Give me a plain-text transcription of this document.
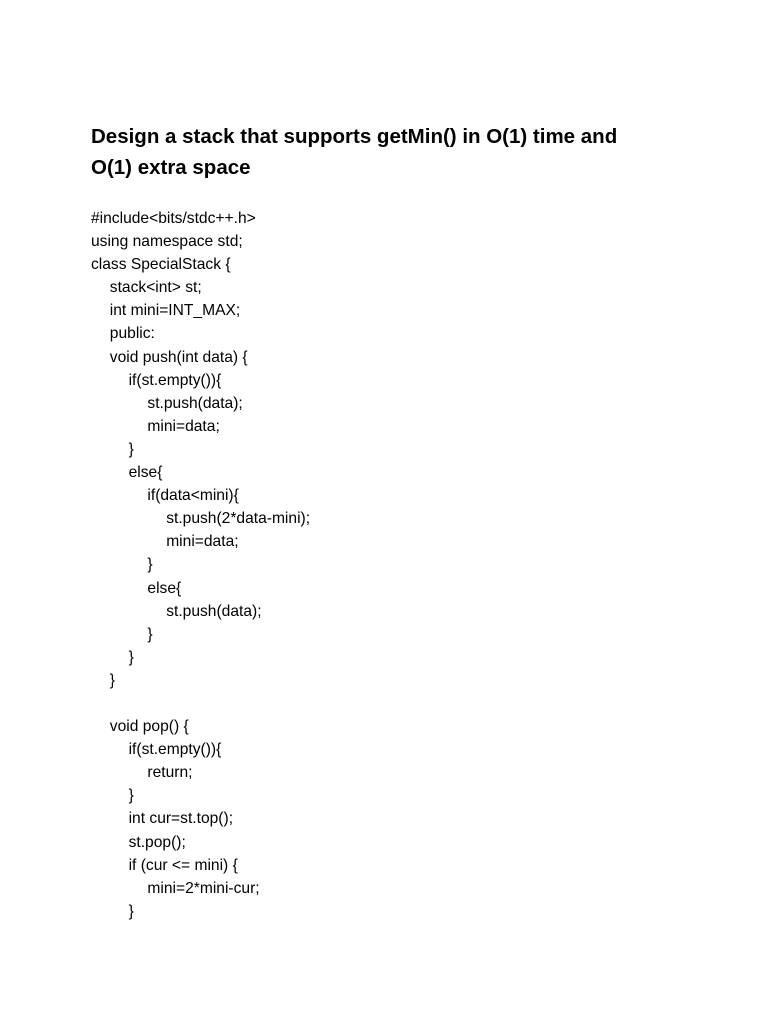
Design a stack that supports getMin() in O(1) time and
O(1) extra space
#include<bits/stdc++.h>
using namespace std;
class SpecialStack {
stack<int> st;
int mini=INT_MAX;
public:
void push(int data) {
if(st.empty()){
st.push(data);
mini=data;
}
else{
if(data<mini){
st.push(2*data-mini);
mini=data;
}
else{
st.push(data);
}
}
}
void pop() {
if(st.empty()){
return;
}
int cur=st.top();
st.pop();
if (cur <= mini) {
mini=2*mini-cur;
}
